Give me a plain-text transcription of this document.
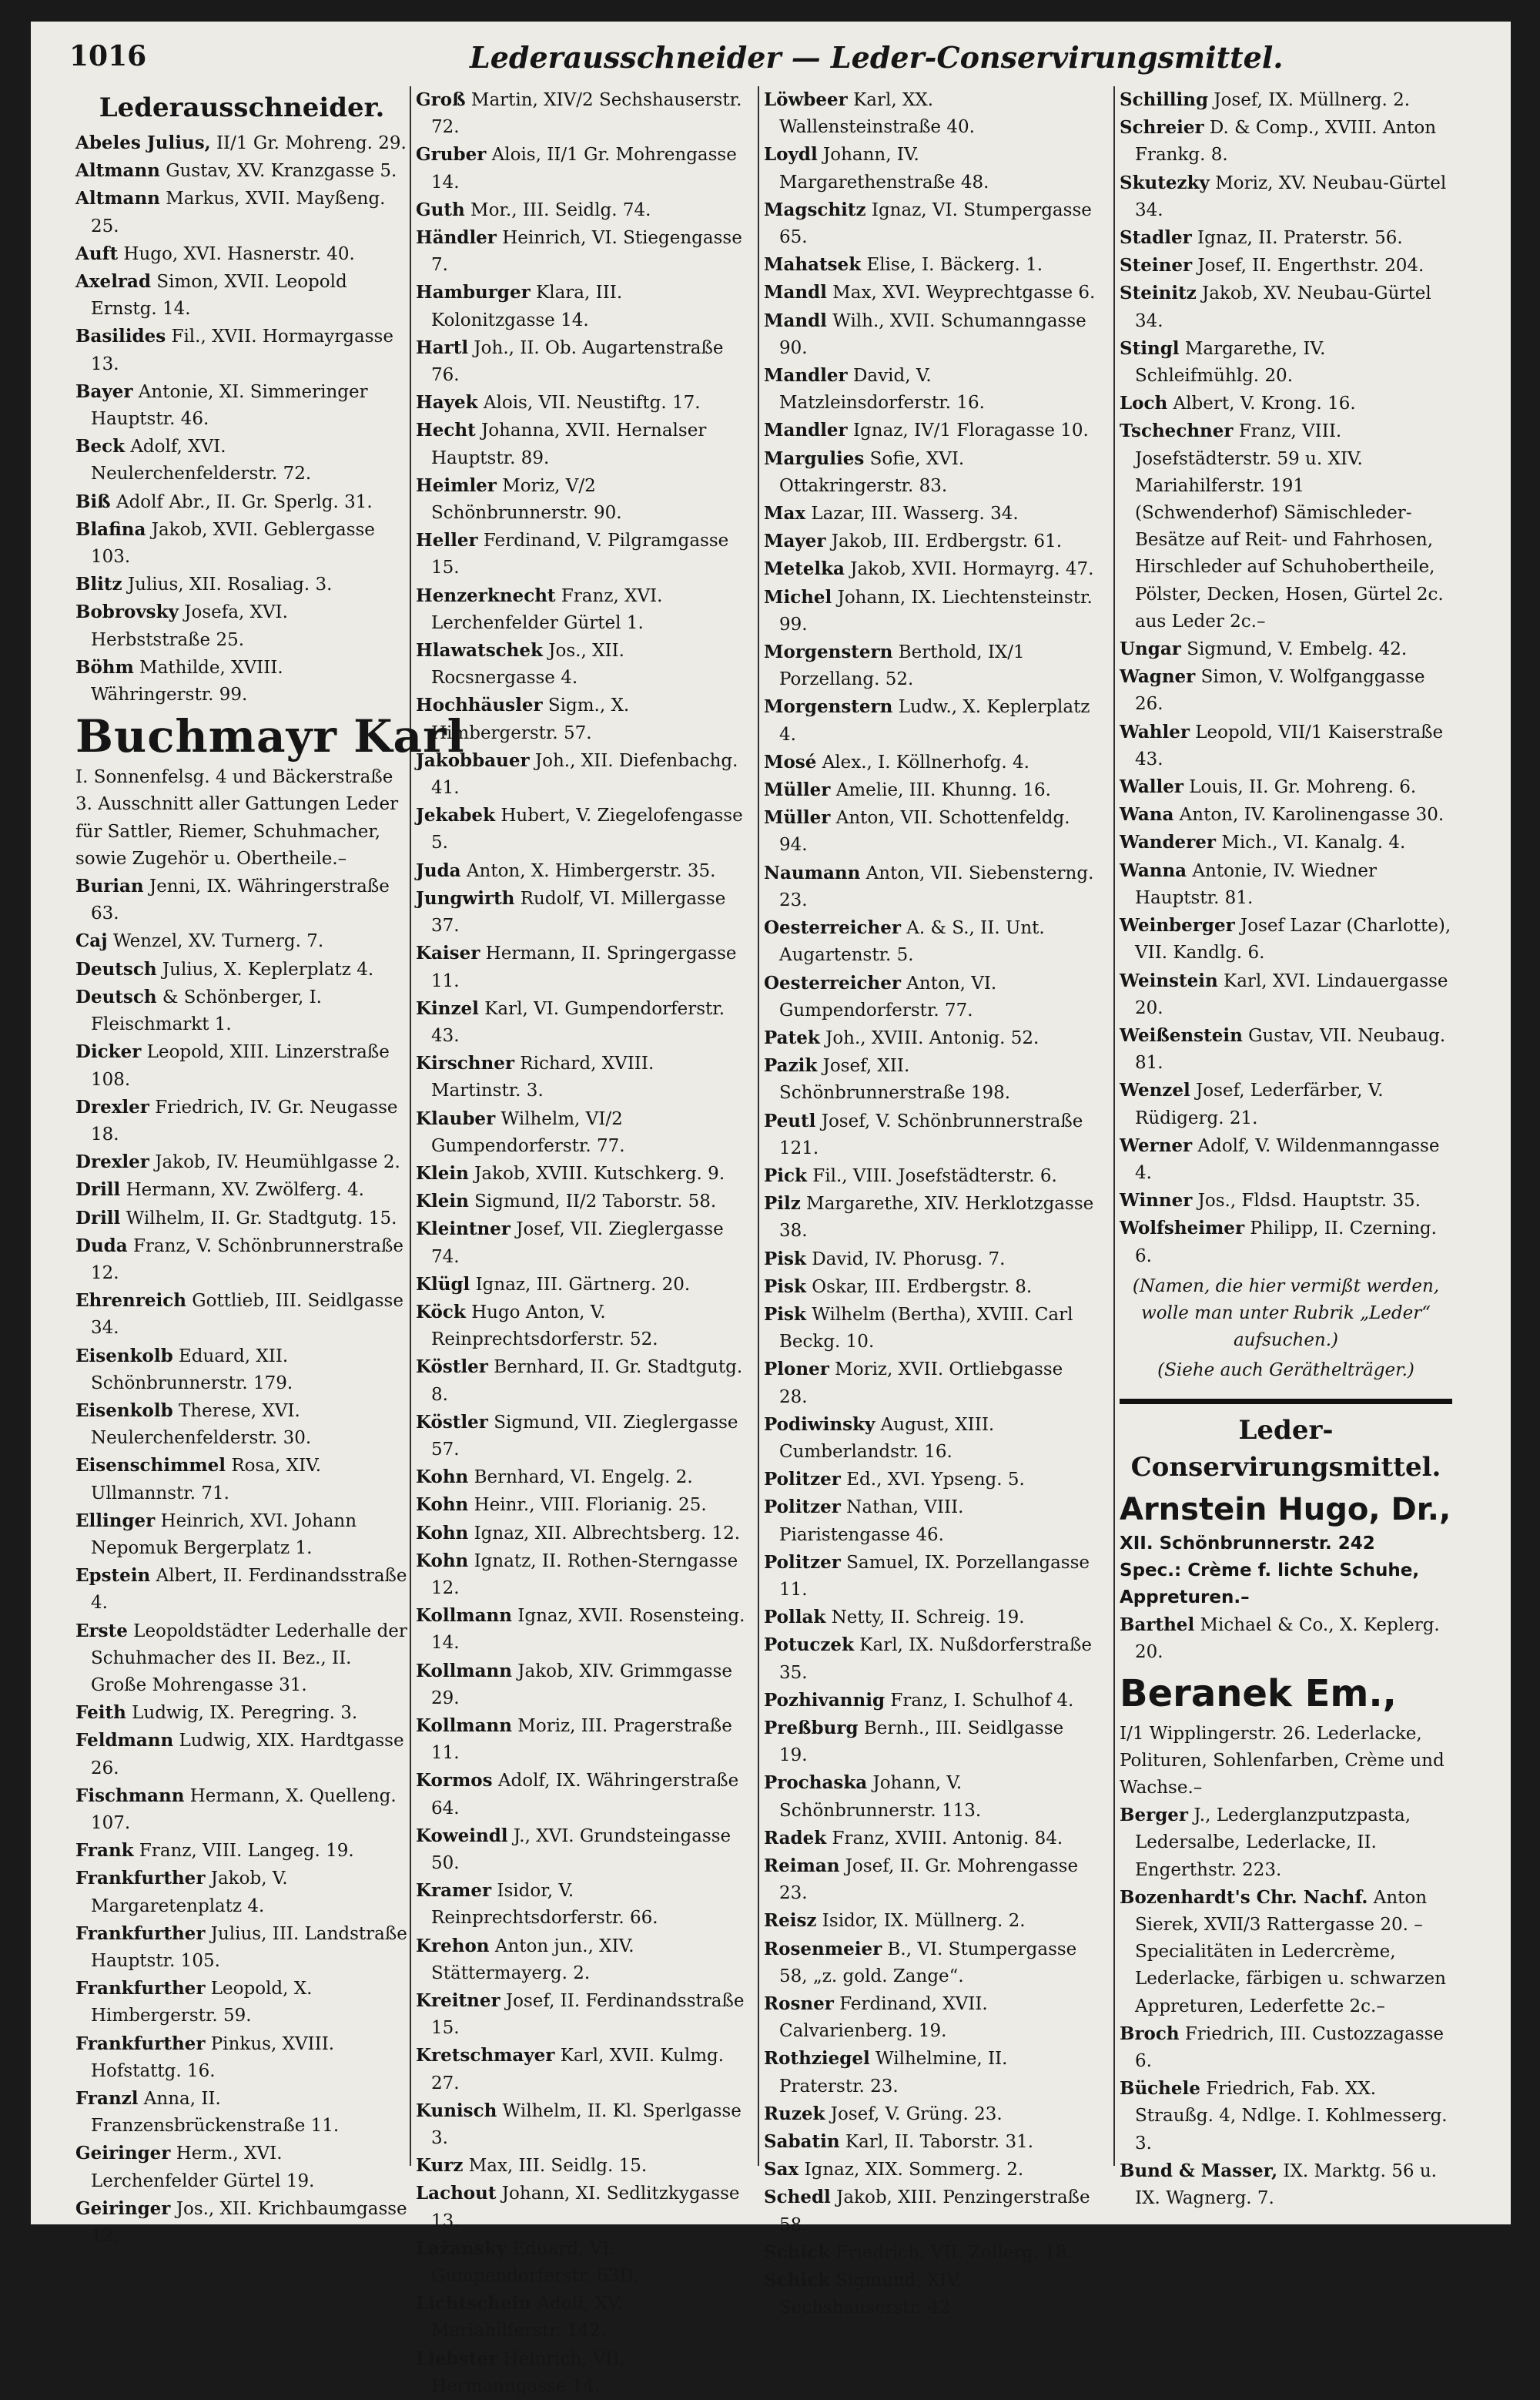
1016	Lederausschneider — Leder-Conservirungsmittel.
Lederausschneider.
Abeles Julius, II/1 Gr. Mohreng. 29.
Altmann Gustav, XV. Kranzgasse 5.
Altmann Markus, XVII. Mayßeng. 25.
Auft Hugo, XVI. Hasnerstr. 40.
Axelrad Simon, XVII. Leopold Ernstg. 14.
Basilides Fil., XVII. Hormayrgasse 13.
Bayer Antonie, XI. Simmeringer Hauptstr. 46.
Beck Adolf, XVI. Neulerchenfelderstr. 72.
Biß Adolf Abr., II. Gr. Sperlg. 31.
Blafina Jakob, XVII. Geblergasse 103.
Blitz Julius, XII. Rosaliag. 3.
Bobrovsky Josefa, XVI. Herbststraße 25.
Böhm Mathilde, XVIII. Währingerstr. 99.
Buchmayr Karl
I. Sonnenfelsg. 4 und Bäckerstraße 3. Ausschnitt aller Gattungen Leder für Sattler, Riemer, Schuhmacher, sowie Zugehör u. Obertheile.–
Burian Jenni, IX. Währingerstraße 63.
Caj Wenzel, XV. Turnerg. 7.
Deutsch Julius, X. Keplerplatz 4.
Deutsch & Schönberger, I. Fleischmarkt 1.
Dicker Leopold, XIII. Linzerstraße 108.
Drexler Friedrich, IV. Gr. Neugasse 18.
Drexler Jakob, IV. Heumühlgasse 2.
Drill Hermann, XV. Zwölferg. 4.
Drill Wilhelm, II. Gr. Stadtgutg. 15.
Duda Franz, V. Schönbrunnerstraße 12.
Ehrenreich Gottlieb, III. Seidlgasse 34.
Eisenkolb Eduard, XII. Schönbrunnerstr. 179.
Eisenkolb Therese, XVI. Neulerchenfelderstr. 30.
Eisenschimmel Rosa, XIV. Ullmannstr. 71.
Ellinger Heinrich, XVI. Johann Nepomuk Bergerplatz 1.
Epstein Albert, II. Ferdinandsstraße 4.
Erste Leopoldstädter Lederhalle der Schuhmacher des II. Bez., II. Große Mohrengasse 31.
Feith Ludwig, IX. Peregring. 3.
Feldmann Ludwig, XIX. Hardtgasse 26.
Fischmann Hermann, X. Quelleng. 107.
Frank Franz, VIII. Langeg. 19.
Frankfurther Jakob, V. Margaretenplatz 4.
Frankfurther Julius, III. Landstraße Hauptstr. 105.
Frankfurther Leopold, X. Himbergerstr. 59.
Frankfurther Pinkus, XVIII. Hofstattg. 16.
Franzl Anna, II. Franzensbrückenstraße 11.
Geiringer Herm., XVI. Lerchenfelder Gürtel 19.
Geiringer Jos., XII. Krichbaumgasse 12.
Groß Martin, XIV/2 Sechshauserstr. 72.
Gruber Alois, II/1 Gr. Mohrengasse 14.
Guth Mor., III. Seidlg. 74.
Händler Heinrich, VI. Stiegengasse 7.
Hamburger Klara, III. Kolonitzgasse 14.
Hartl Joh., II. Ob. Augartenstraße 76.
Hayek Alois, VII. Neustiftg. 17.
Hecht Johanna, XVII. Hernalser Hauptstr. 89.
Heimler Moriz, V/2 Schönbrunnerstr. 90.
Heller Ferdinand, V. Pilgramgasse 15.
Henzerknecht Franz, XVI. Lerchenfelder Gürtel 1.
Hlawatschek Jos., XII. Rocsnergasse 4.
Hochhäusler Sigm., X. Himbergerstr. 57.
Jakobbauer Joh., XII. Diefenbachg. 41.
Jekabek Hubert, V. Ziegelofengasse 5.
Juda Anton, X. Himbergerstr. 35.
Jungwirth Rudolf, VI. Millergasse 37.
Kaiser Hermann, II. Springergasse 11.
Kinzel Karl, VI. Gumpendorferstr. 43.
Kirschner Richard, XVIII. Martinstr. 3.
Klauber Wilhelm, VI/2 Gumpendorferstr. 77.
Klein Jakob, XVIII. Kutschkerg. 9.
Klein Sigmund, II/2 Taborstr. 58.
Kleintner Josef, VII. Zieglergasse 74.
Klügl Ignaz, III. Gärtnerg. 20.
Köck Hugo Anton, V. Reinprechtsdorferstr. 52.
Köstler Bernhard, II. Gr. Stadtgutg. 8.
Köstler Sigmund, VII. Zieglergasse 57.
Kohn Bernhard, VI. Engelg. 2.
Kohn Heinr., VIII. Florianig. 25.
Kohn Ignaz, XII. Albrechtsberg. 12.
Kohn Ignatz, II. Rothen-Sterngasse 12.
Kollmann Ignaz, XVII. Rosensteing. 14.
Kollmann Jakob, XIV. Grimmgasse 29.
Kollmann Moriz, III. Pragerstraße 11.
Kormos Adolf, IX. Währingerstraße 64.
Koweindl J., XVI. Grundsteingasse 50.
Kramer Isidor, V. Reinprechtsdorferstr. 66.
Krehon Anton jun., XIV. Stättermayerg. 2.
Kreitner Josef, II. Ferdinandsstraße 15.
Kretschmayer Karl, XVII. Kulmg. 27.
Kunisch Wilhelm, II. Kl. Sperlgasse 3.
Kurz Max, III. Seidlg. 15.
Lachout Johann, XI. Sedlitzkygasse 13.
Lažansky Eduard, VI. Gumpendorferstr. 63D.
Lichtschein Adolf, XV. Mariahilferstr. 142.
Liebster Heinrich, VII. Hermanngasse 14.
Löwbeer Karl, XX. Wallensteinstraße 40.
Loydl Johann, IV. Margarethenstraße 48.
Magschitz Ignaz, VI. Stumpergasse 65.
Mahatsek Elise, I. Bäckerg. 1.
Mandl Max, XVI. Weyprechtgasse 6.
Mandl Wilh., XVII. Schumanngasse 90.
Mandler David, V. Matzleinsdorferstr. 16.
Mandler Ignaz, IV/1 Floragasse 10.
Margulies Sofie, XVI. Ottakringerstr. 83.
Max Lazar, III. Wasserg. 34.
Mayer Jakob, III. Erdbergstr. 61.
Metelka Jakob, XVII. Hormayrg. 47.
Michel Johann, IX. Liechtensteinstr. 99.
Morgenstern Berthold, IX/1 Porzellang. 52.
Morgenstern Ludw., X. Keplerplatz 4.
Mosé Alex., I. Köllnerhofg. 4.
Müller Amelie, III. Khunng. 16.
Müller Anton, VII. Schottenfeldg. 94.
Naumann Anton, VII. Siebensterng. 23.
Oesterreicher A. & S., II. Unt. Augartenstr. 5.
Oesterreicher Anton, VI. Gumpendorferstr. 77.
Patek Joh., XVIII. Antonig. 52.
Pazik Josef, XII. Schönbrunnerstraße 198.
Peutl Josef, V. Schönbrunnerstraße 121.
Pick Fil., VIII. Josefstädterstr. 6.
Pilz Margarethe, XIV. Herklotzgasse 38.
Pisk David, IV. Phorusg. 7.
Pisk Oskar, III. Erdbergstr. 8.
Pisk Wilhelm (Bertha), XVIII. Carl Beckg. 10.
Ploner Moriz, XVII. Ortliebgasse 28.
Podiwinsky August, XIII. Cumberlandstr. 16.
Politzer Ed., XVI. Ypseng. 5.
Politzer Nathan, VIII. Piaristengasse 46.
Politzer Samuel, IX. Porzellangasse 11.
Pollak Netty, II. Schreig. 19.
Potuczek Karl, IX. Nußdorferstraße 35.
Pozhivannig Franz, I. Schulhof 4.
Preßburg Bernh., III. Seidlgasse 19.
Prochaska Johann, V. Schönbrunnerstr. 113.
Radek Franz, XVIII. Antonig. 84.
Reiman Josef, II. Gr. Mohrengasse 23.
Reisz Isidor, IX. Müllnerg. 2.
Rosenmeier B., VI. Stumpergasse 58, „z. gold. Zange“.
Rosner Ferdinand, XVII. Calvarienberg. 19.
Rothziegel Wilhelmine, II. Praterstr. 23.
Ruzek Josef, V. Grüng. 23.
Sabatin Karl, II. Taborstr. 31.
Sax Ignaz, XIX. Sommerg. 2.
Schedl Jakob, XIII. Penzingerstraße 58.
Schick Friedrich, VII. Zollerg. 18.
Schick Sigmund, XIV. Sechshauserstr. 42.
Schilling Josef, IX. Müllnerg. 2.
Schreier D. & Comp., XVIII. Anton Frankg. 8.
Skutezky Moriz, XV. Neubau-Gürtel 34.
Stadler Ignaz, II. Praterstr. 56.
Steiner Josef, II. Engerthstr. 204.
Steinitz Jakob, XV. Neubau-Gürtel 34.
Stingl Margarethe, IV. Schleifmühlg. 20.
Loch Albert, V. Krong. 16.
Tschechner Franz, VIII. Josefstädterstr. 59 u. XIV. Mariahilferstr. 191 (Schwenderhof) Sämischleder-Besätze auf Reit- und Fahrhosen, Hirschleder auf Schuhobertheile, Pölster, Decken, Hosen, Gürtel 2c. aus Leder 2c.–
Ungar Sigmund, V. Embelg. 42.
Wagner Simon, V. Wolfganggasse 26.
Wahler Leopold, VII/1 Kaiserstraße 43.
Waller Louis, II. Gr. Mohreng. 6.
Wana Anton, IV. Karolinengasse 30.
Wanderer Mich., VI. Kanalg. 4.
Wanna Antonie, IV. Wiedner Hauptstr. 81.
Weinberger Josef Lazar (Charlotte), VII. Kandlg. 6.
Weinstein Karl, XVI. Lindauergasse 20.
Weißenstein Gustav, VII. Neubaug. 81.
Wenzel Josef, Lederfärber, V. Rüdigerg. 21.
Werner Adolf, V. Wildenmanngasse 4.
Winner Jos., Fldsd. Hauptstr. 35.
Wolfsheimer Philipp, II. Czerning. 6.
(Namen, die hier vermißt werden, wolle man unter Rubrik „Leder“ aufsuchen.)
(Siehe auch Geräthelträger.)
Leder-Conservirungsmittel.
Arnstein Hugo, Dr.,
XII. Schönbrunnerstr. 242
Spec.: Crème f. lichte Schuhe, Appreturen.–
Barthel Michael & Co., X. Keplerg. 20.
Beranek Em.,
I/1 Wipplingerstr. 26. Lederlacke, Polituren, Sohlenfarben, Crème und Wachse.–
Berger J., Lederglanzputzpasta, Ledersalbe, Lederlacke, II. Engerthstr. 223.
Bozenhardt's Chr. Nachf. Anton Sierek, XVII/3 Rattergasse 20. – Specialitäten in Ledercrème, Lederlacke, färbigen u. schwarzen Appreturen, Lederfette 2c.–
Broch Friedrich, III. Custozzagasse 6.
Büchele Friedrich, Fab. XX. Straußg. 4, Ndlge. I. Kohlmesserg. 3.
Bund & Masser, IX. Marktg. 56 u. IX. Wagnerg. 7.
